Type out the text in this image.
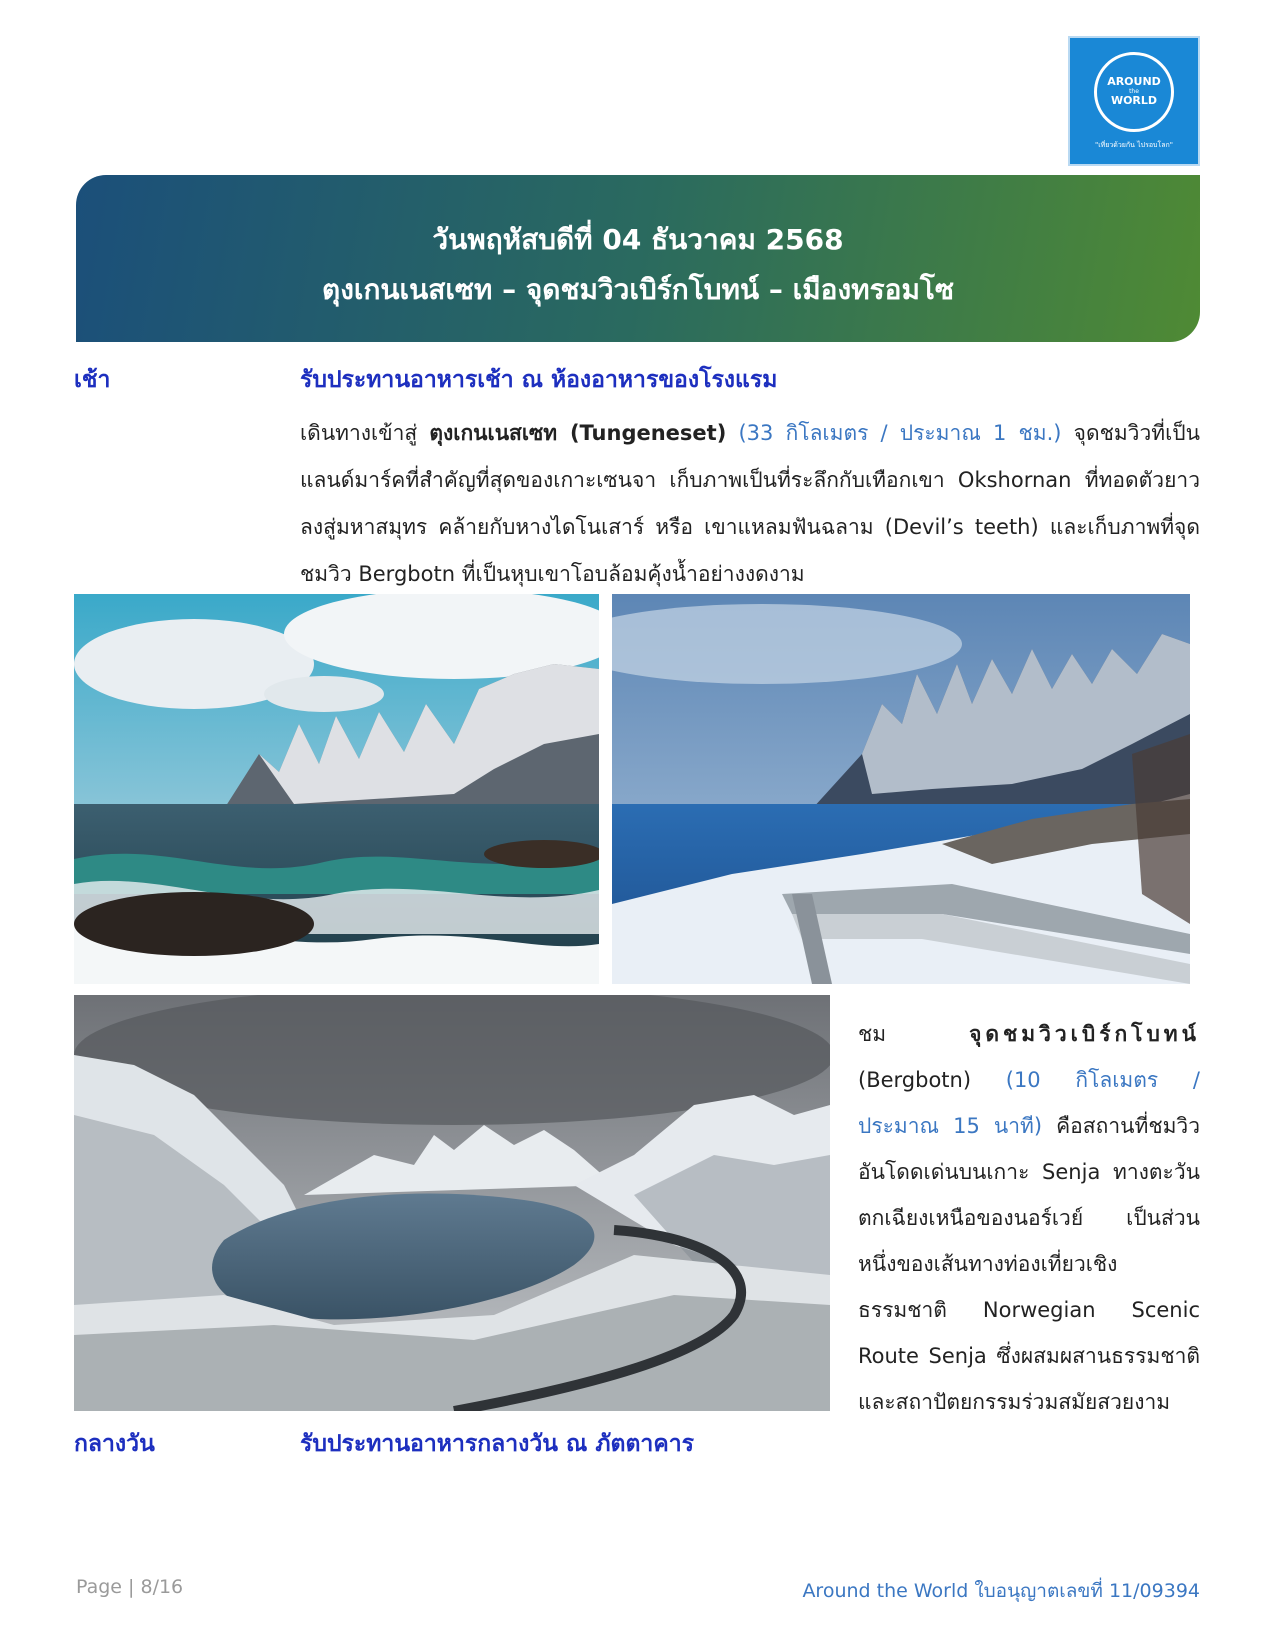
AROUND
the
WORLD
"เที่ยวด้วยกัน ไปรอบโลก"
วันพฤหัสบดีที่ 04 ธันวาคม 2568
ตุงเกนเนสเซท – จุดชมวิวเบิร์กโบทน์ – เมืองทรอมโซ
เช้า	รับประทานอาหารเช้า ณ ห้องอาหารของโรงแรม
เดินทางเข้าสู่ ตุงเกนเนสเซท (Tungeneset) (33 กิโลเมตร / ประมาณ 1 ชม.) จุดชมวิวที่เป็นแลนด์มาร์คที่สำคัญที่สุดของเกาะเซนจา เก็บภาพเป็นที่ระลึกกับเทือกเขา Okshornan ที่ทอดตัวยาวลงสู่มหาสมุทร คล้ายกับหางไดโนเสาร์ หรือ เขาแหลมฟันฉลาม (Devil’s teeth) และเก็บภาพที่จุดชมวิว Bergbotn ที่เป็นหุบเขาโอบล้อมคุ้งน้ำอย่างงดงาม
ชม จุดชมวิวเบิร์กโบทน์ (Bergbotn) (10 กิโลเมตร / ประมาณ 15 นาที) คือสถานที่ชมวิวอันโดดเด่นบนเกาะ Senja ทางตะวันตกเฉียงเหนือของนอร์เวย์ เป็นส่วนหนึ่งของเส้นทางท่องเที่ยวเชิงธรรมชาติ Norwegian Scenic Route Senja ซึ่งผสมผสานธรรมชาติและสถาปัตยกรรมร่วมสมัยสวยงาม
กลางวัน	รับประทานอาหารกลางวัน ณ ภัตตาคาร
Page | 8/16	Around the World ใบอนุญาตเลขที่ 11/09394
